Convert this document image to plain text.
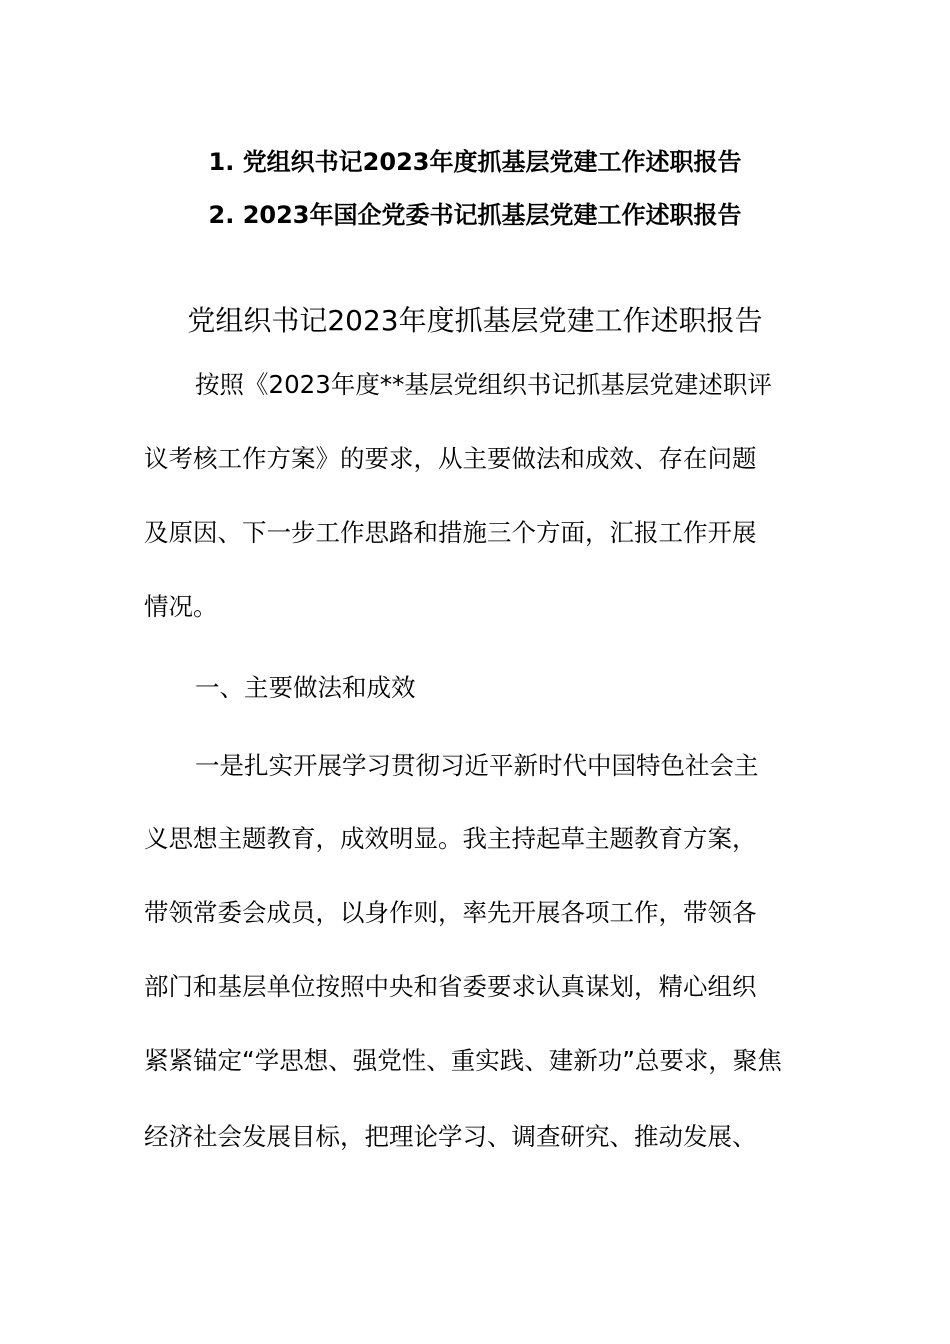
1. 党组织书记2023年度抓基层党建工作述职报告
2. 2023年国企党委书记抓基层党建工作述职报告
党组织书记2023年度抓基层党建工作述职报告
按照《2023年度**基层党组织书记抓基层党建述职评
议考核工作方案》的要求，从主要做法和成效、存在问题
及原因、下一步工作思路和措施三个方面，汇报工作开展
情况。
一、主要做法和成效
一是扎实开展学习贯彻习近平新时代中国特色社会主
义思想主题教育，成效明显。我主持起草主题教育方案，
带领常委会成员，以身作则，率先开展各项工作，带领各
部门和基层单位按照中央和省委要求认真谋划，精心组织
紧紧锚定“学思想、强党性、重实践、建新功”总要求，聚焦
经济社会发展目标，把理论学习、调查研究、推动发展、
